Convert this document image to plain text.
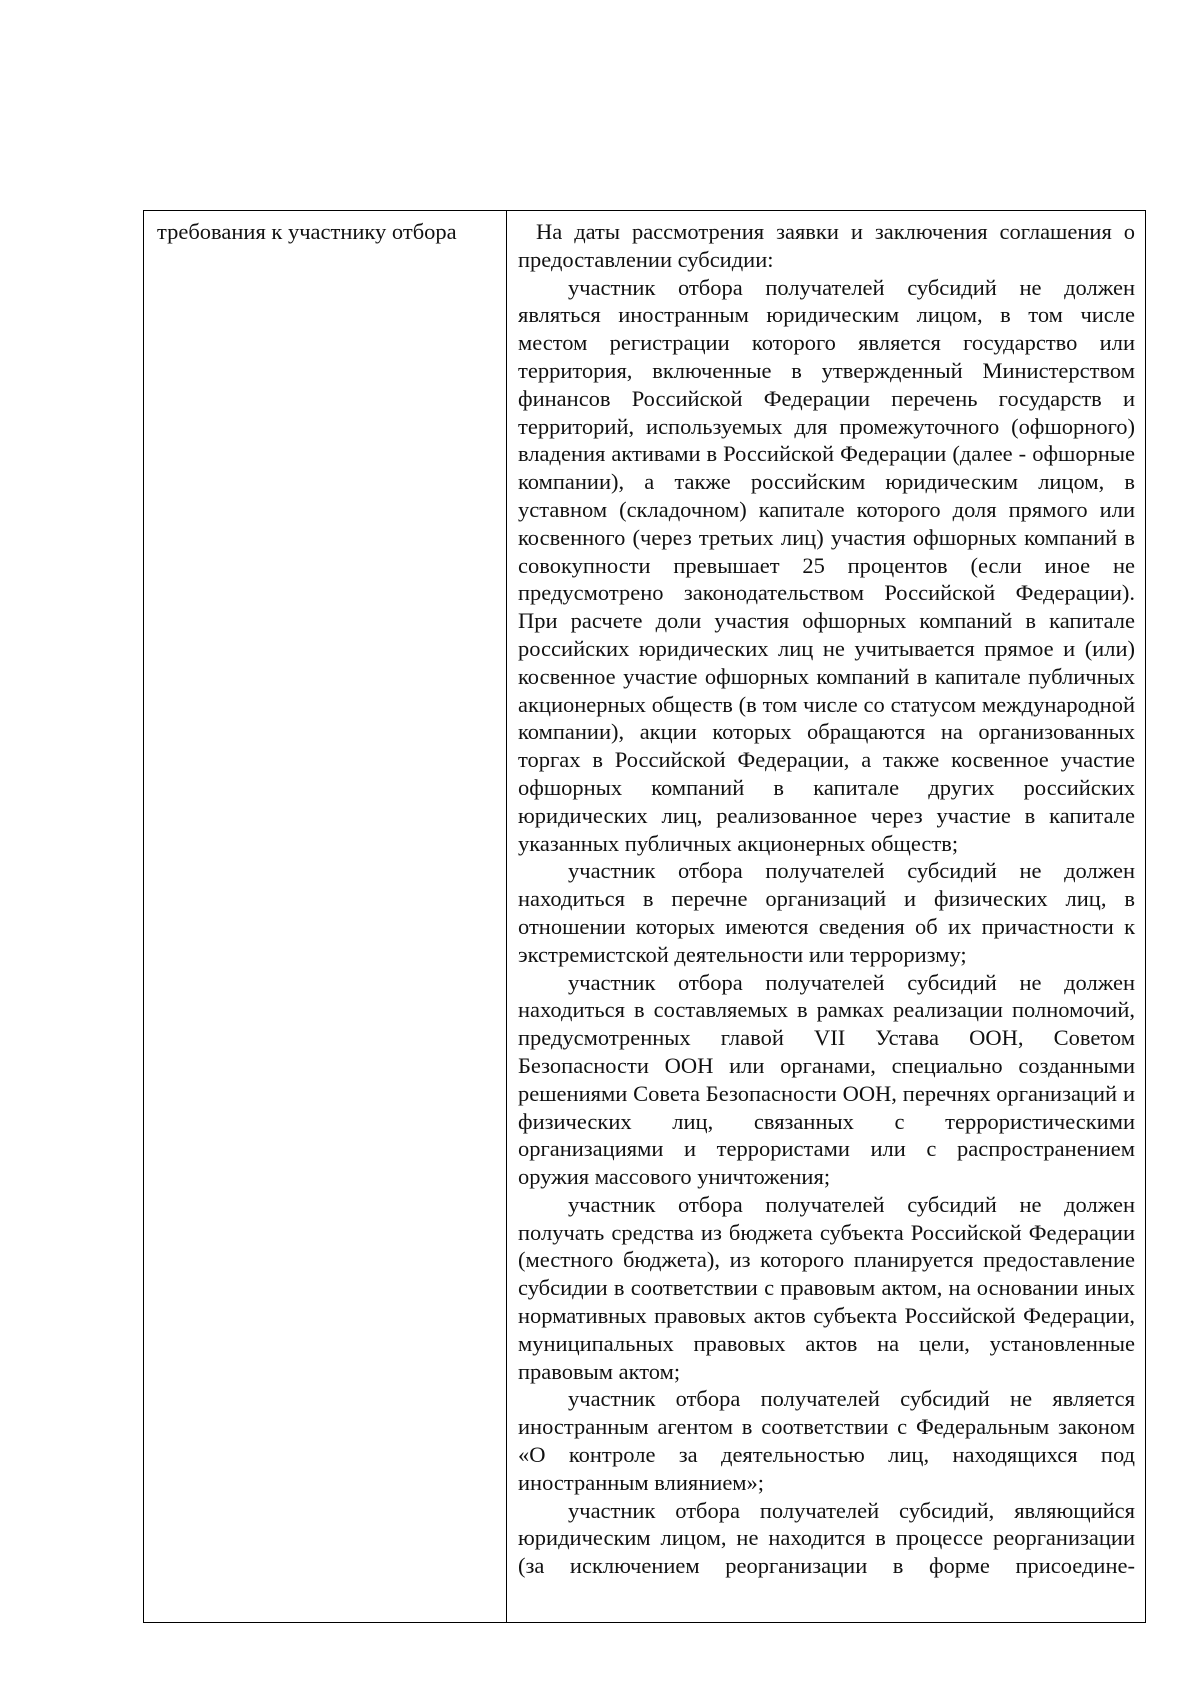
требования к участнику отбора	На даты рассмотрения заявки и заключения соглашения о предоставлении субсидии:

участник отбора получателей субсидий не должен являться иностранным юридическим лицом, в том числе местом регистрации которого является государство или территория, включенные в утвержденный Министерством финансов Российской Федерации перечень государств и территорий, используемых для промежуточного (офшорного) владения активами в Российской Федерации (далее - офшорные компании), а также российским юридическим лицом, в уставном (складочном) капитале которого доля прямого или косвенного (через третьих лиц) участия офшорных компаний в совокупности превышает 25 процентов (если иное не предусмотрено законодательством Российской Федерации). При расчете доли участия офшорных компаний в капитале российских юридических лиц не учитывается прямое и (или) косвенное участие офшорных компаний в капитале публичных акционерных обществ (в том числе со статусом международной компании), акции которых обращаются на организованных торгах в Российской Федерации, а также косвенное участие офшорных компаний в капитале других российских юридических лиц, реализованное через участие в капитале указанных публичных акционерных обществ;

участник отбора получателей субсидий не должен находиться в перечне организаций и физических лиц, в отношении которых имеются сведения об их причастности к экстремистской деятельности или терроризму;

участник отбора получателей субсидий не должен находиться в составляемых в рамках реализации полномочий, предусмотренных главой VII Устава ООН, Советом Безопасности ООН или органами, специально созданными решениями Совета Безопасности ООН, перечнях организаций и физических лиц, связанных с террористическими организациями и террористами или с распространением оружия массового уничтожения;

участник отбора получателей субсидий не должен получать средства из бюджета субъекта Российской Федерации (местного бюджета), из которого планируется предоставление субсидии в соответствии с правовым актом, на основании иных нормативных правовых актов субъекта Российской Федерации, муниципальных правовых актов на цели, установленные правовым актом;

участник отбора получателей субсидий не является иностранным агентом в соответствии с Федеральным законом «О контроле за деятельностью лиц, находящихся под иностранным влиянием»;

участник отбора получателей субсидий, являющийся юридическим лицом, не находится в процессе реорганизации (за исключением реорганизации в форме присоедине-
